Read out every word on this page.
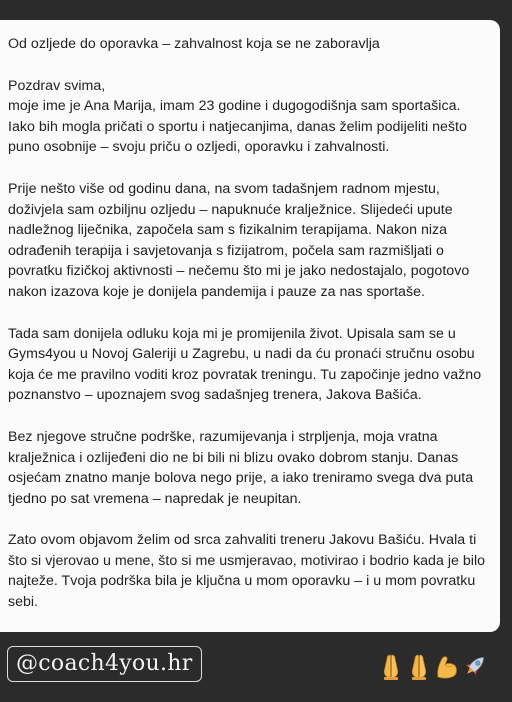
Od ozljede do oporavka – zahvalnost koja se ne zaboravlja
Pozdrav svima,
moje ime je Ana Marija, imam 23 godine i dugogodišnja sam sportašica.
Iako bih mogla pričati o sportu i natjecanjima, danas želim podijeliti nešto
puno osobnije – svoju priču o ozljedi, oporavku i zahvalnosti.
Prije nešto više od godinu dana, na svom tadašnjem radnom mjestu,
doživjela sam ozbiljnu ozljedu – napuknuće kralježnice. Slijedeći upute
nadležnog liječnika, započela sam s fizikalnim terapijama. Nakon niza
odrađenih terapija i savjetovanja s fizijatrom, počela sam razmišljati o
povratku fizičkoj aktivnosti – nečemu što mi je jako nedostajalo, pogotovo
nakon izazova koje je donijela pandemija i pauze za nas sportaše.
Tada sam donijela odluku koja mi je promijenila život. Upisala sam se u
Gyms4you u Novoj Galeriji u Zagrebu, u nadi da ću pronaći stručnu osobu
koja će me pravilno voditi kroz povratak treningu. Tu započinje jedno važno
poznanstvo – upoznajem svog sadašnjeg trenera, Jakova Bašića.
Bez njegove stručne podrške, razumijevanja i strpljenja, moja vratna
kralježnica i ozlijeđeni dio ne bi bili ni blizu ovako dobrom stanju. Danas
osjećam znatno manje bolova nego prije, a iako treniramo svega dva puta
tjedno po sat vremena – napredak je neupitan.
Zato ovom objavom želim od srca zahvaliti treneru Jakovu Bašiću. Hvala ti
što si vjerovao u mene, što si me usmjeravao, motivirao i bodrio kada je bilo
najteže. Tvoja podrška bila je ključna u mom oporavku – i u mom povratku
sebi.
@coach4you.hr
